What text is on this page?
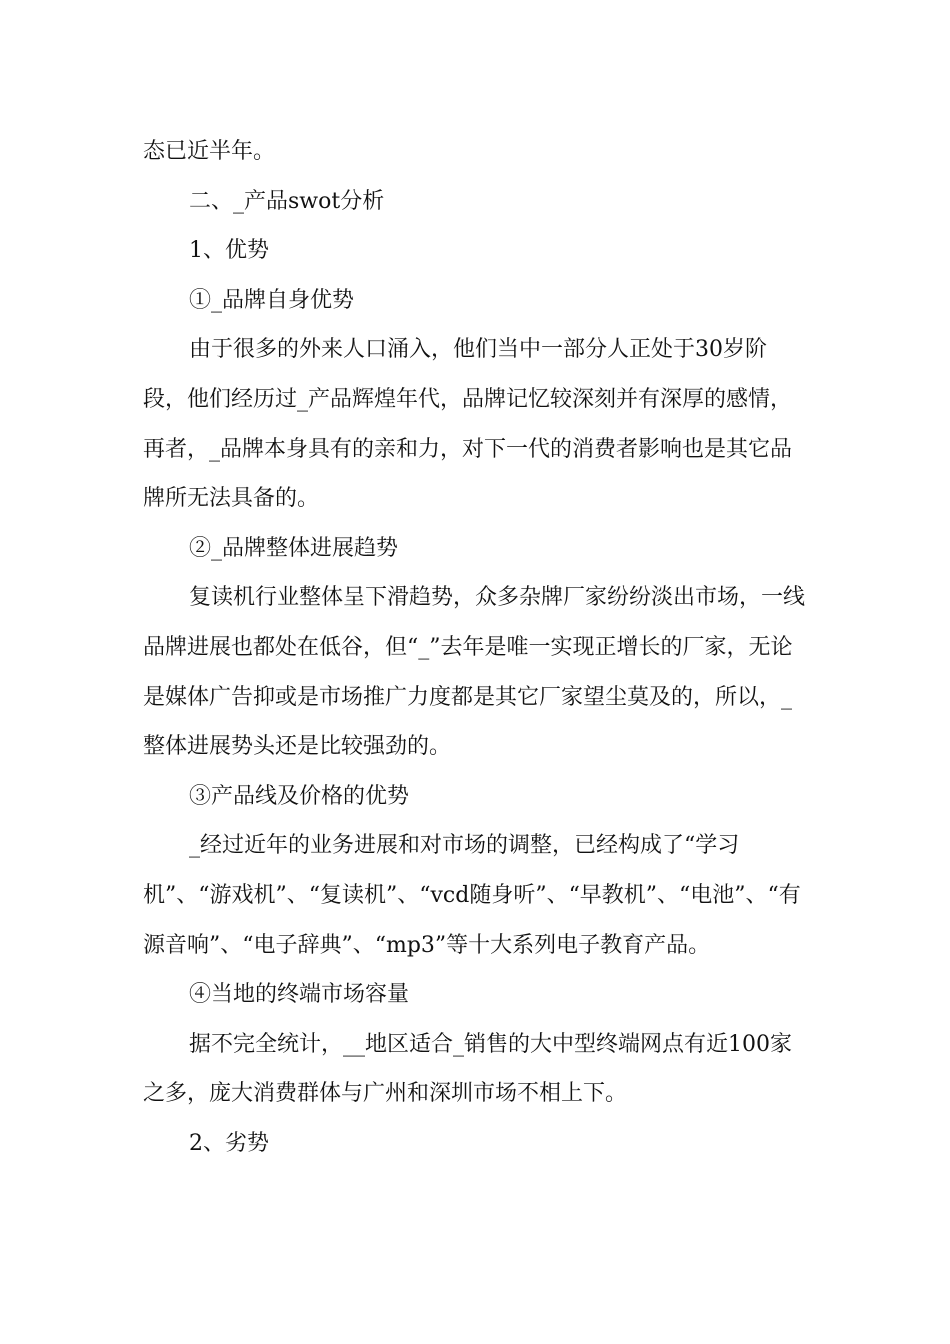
态已近半年。

二、_产品swot分析

1、优势

①_品牌自身优势

由于很多的外来人口涌入，他们当中一部分人正处于30岁阶段，他们经历过_产品辉煌年代，品牌记忆较深刻并有深厚的感情，再者，_品牌本身具有的亲和力，对下一代的消费者影响也是其它品牌所无法具备的。

②_品牌整体进展趋势

复读机行业整体呈下滑趋势，众多杂牌厂家纷纷淡出市场，一线品牌进展也都处在低谷，但“_”去年是唯一实现正增长的厂家，无论是媒体广告抑或是市场推广力度都是其它厂家望尘莫及的，所以，_整体进展势头还是比较强劲的。

③产品线及价格的优势

_经过近年的业务进展和对市场的调整，已经构成了“学习机”、“游戏机”、“复读机”、“vcd随身听”、“早教机”、“电池”、“有源音响”、“电子辞典”、“mp3”等十大系列电子教育产品。

④当地的终端市场容量

据不完全统计，__地区适合_销售的大中型终端网点有近100家之多，庞大消费群体与广州和深圳市场不相上下。

2、劣势
